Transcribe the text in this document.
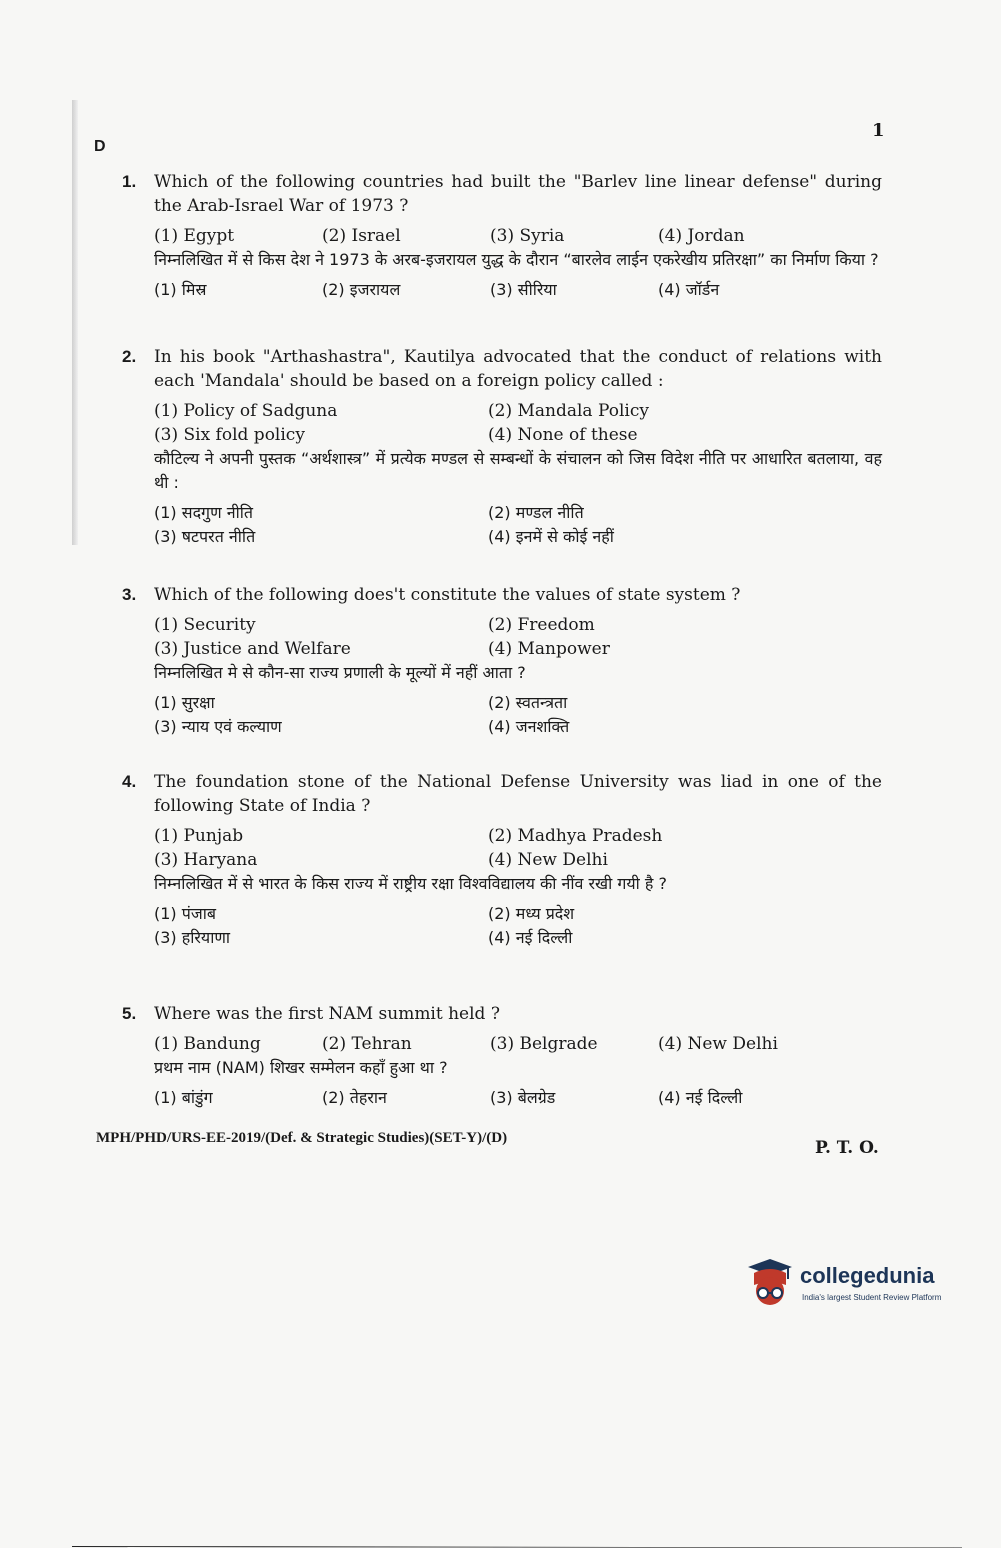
D
1
1. Which of the following countries had built the "Barlev line linear defense" during the Arab-Israel War of 1973 ?
(1) Egypt	(2) Israel	(3) Syria	(4) Jordan
निम्नलिखित में से किस देश ने 1973 के अरब-इजरायल युद्ध के दौरान “बारलेव लाईन एकरेखीय प्रतिरक्षा” का निर्माण किया ?
(1) मिस्र	(2) इजरायल	(3) सीरिया	(4) जॉर्डन
2. In his book "Arthashastra", Kautilya advocated that the conduct of relations with each 'Mandala' should be based on a foreign policy called :
(1) Policy of Sadguna	(2) Mandala Policy
(3) Six fold policy	(4) None of these
कौटिल्य ने अपनी पुस्तक “अर्थशास्त्र” में प्रत्येक मण्डल से सम्बन्धों के संचालन को जिस विदेश नीति पर आधारित बतलाया, वह थी :
(1) सदगुण नीति	(2) मण्डल नीति
(3) षटपरत नीति	(4) इनमें से कोई नहीं
3. Which of the following does't constitute the values of state system ?
(1) Security	(2) Freedom
(3) Justice and Welfare	(4) Manpower
निम्नलिखित मे से कौन-सा राज्य प्रणाली के मूल्यों में नहीं आता ?
(1) सुरक्षा	(2) स्वतन्त्रता
(3) न्याय एवं कल्याण	(4) जनशक्ति
4. The foundation stone of the National Defense University was liad in one of the following State of India ?
(1) Punjab	(2) Madhya Pradesh
(3) Haryana	(4) New Delhi
निम्नलिखित में से भारत के किस राज्य में राष्ट्रीय रक्षा विश्वविद्यालय की नींव रखी गयी है ?
(1) पंजाब	(2) मध्य प्रदेश
(3) हरियाणा	(4) नई दिल्ली
5. Where was the first NAM summit held ?
(1) Bandung	(2) Tehran	(3) Belgrade	(4) New Delhi
प्रथम नाम (NAM) शिखर सम्मेलन कहाँ हुआ था ?
(1) बांडुंग	(2) तेहरान	(3) बेलग्रेड	(4) नई दिल्ली
MPH/PHD/URS-EE-2019/(Def. & Strategic Studies)(SET-Y)/(D)	P. T. O.
collegedunia
India's largest Student Review Platform
